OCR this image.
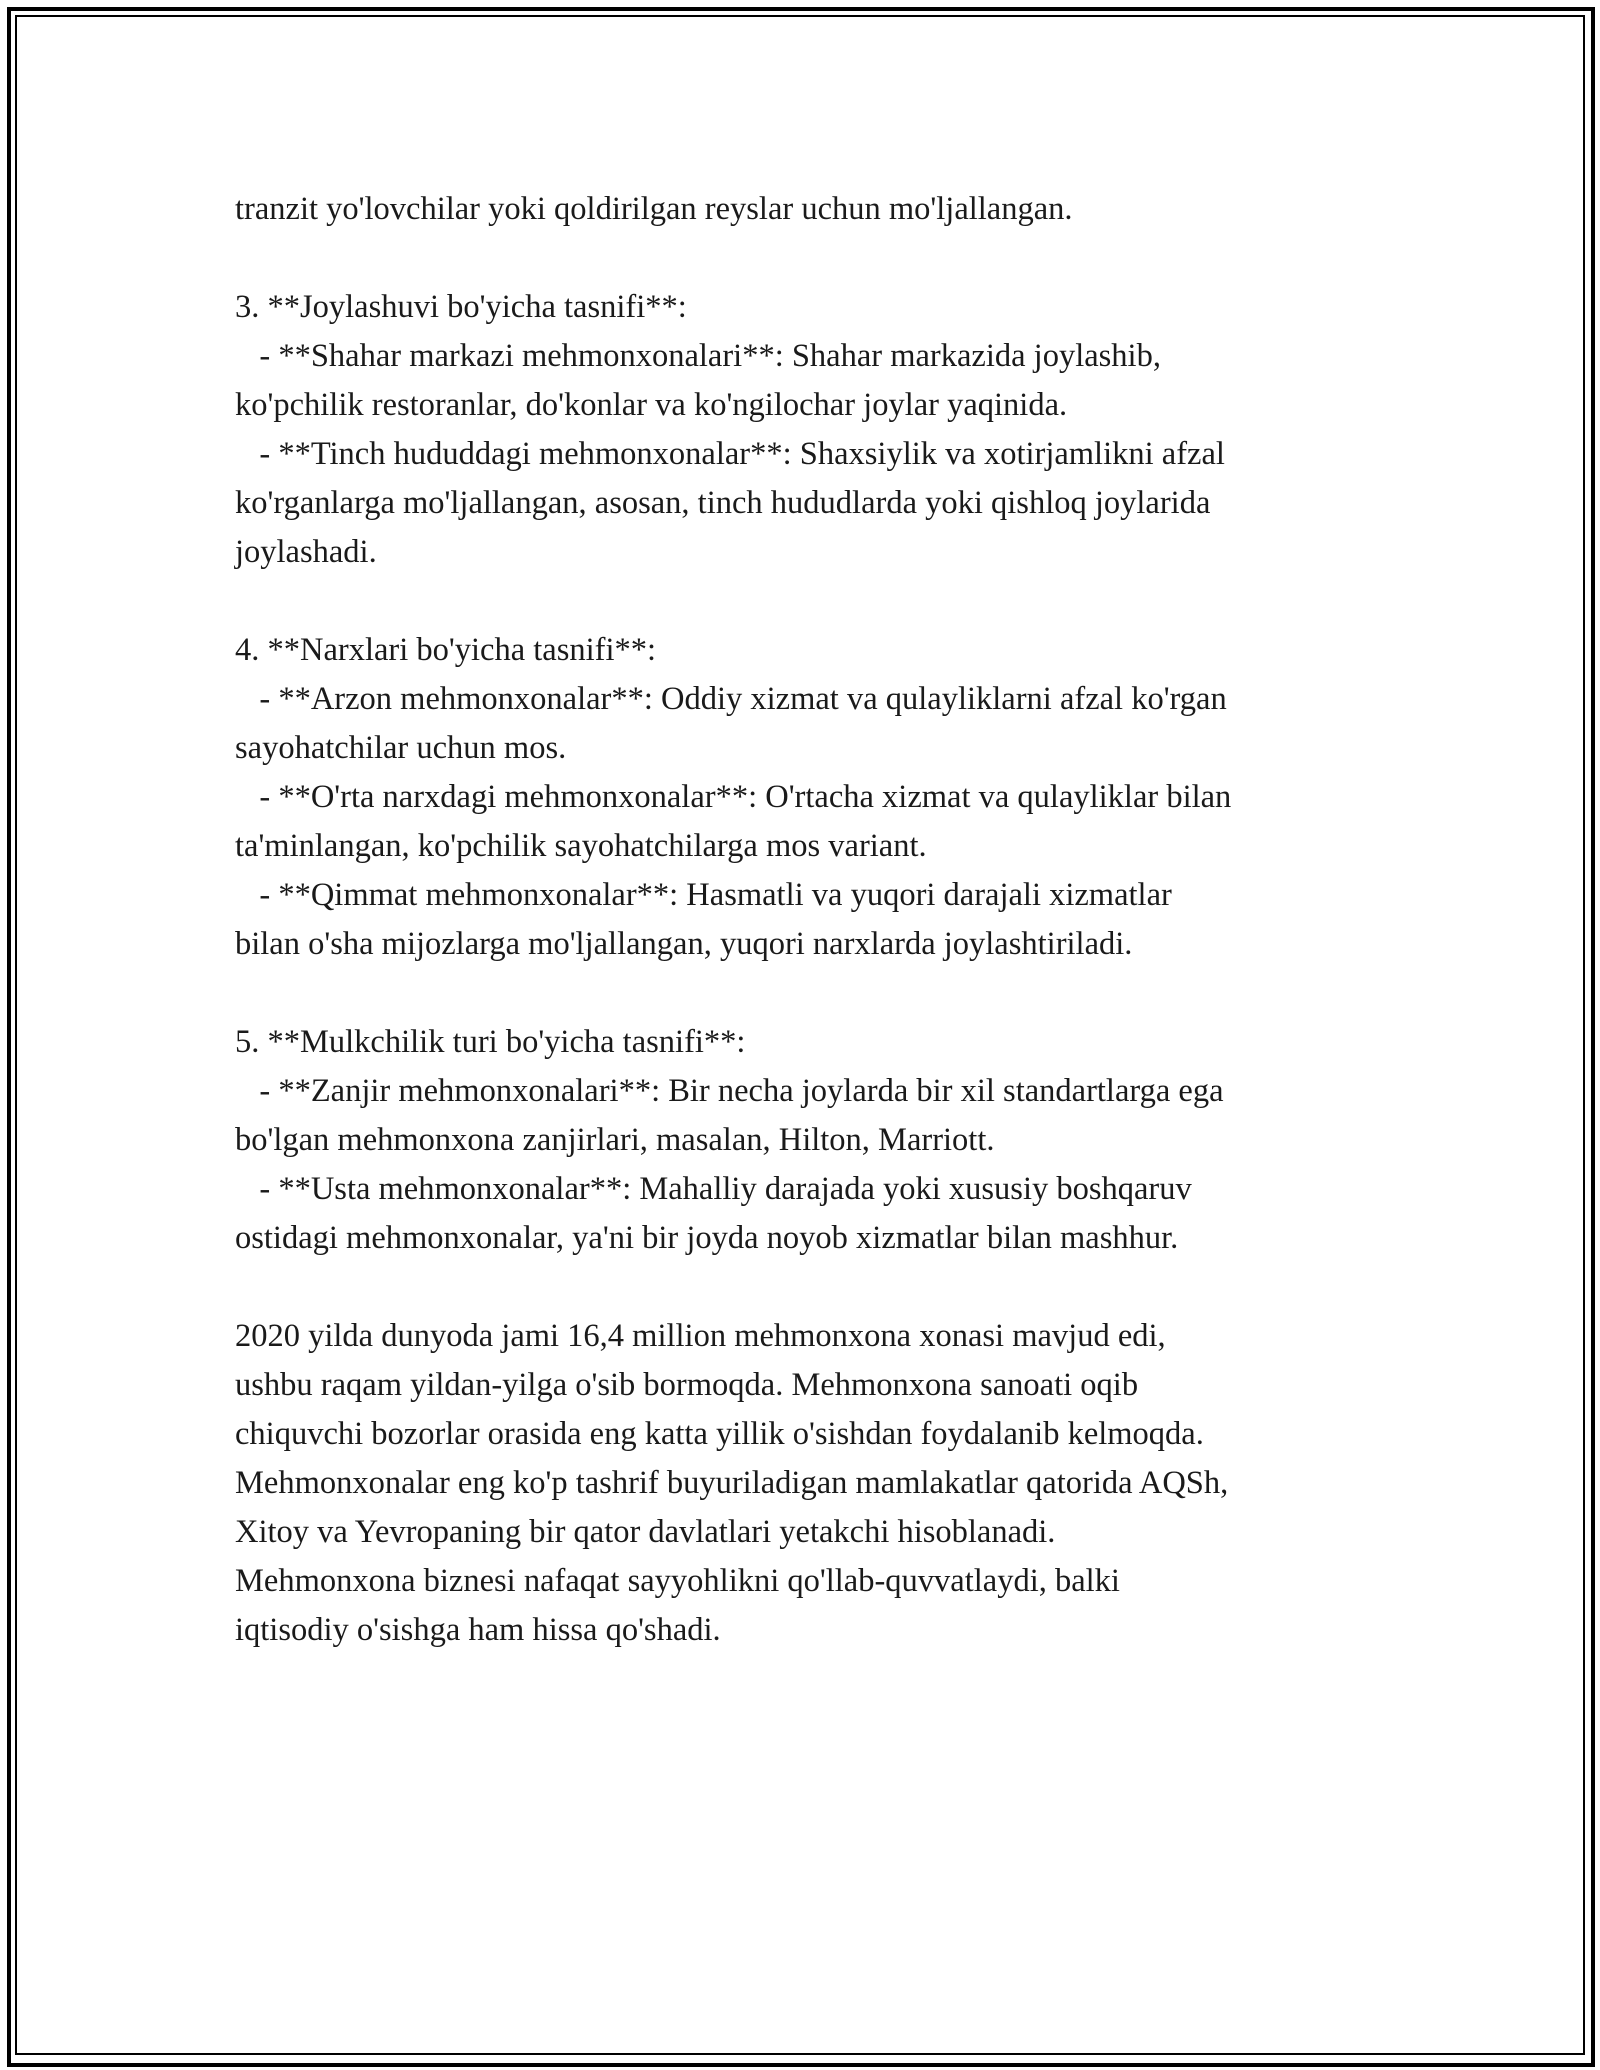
tranzit yo'lovchilar yoki qoldirilgan reyslar uchun mo'ljallangan.
3. **Joylashuvi bo'yicha tasnifi**:
- **Shahar markazi mehmonxonalari**: Shahar markazida joylashib,
ko'pchilik restoranlar, do'konlar va ko'ngilochar joylar yaqinida.
- **Tinch hududdagi mehmonxonalar**: Shaxsiylik va xotirjamlikni afzal
ko'rganlarga mo'ljallangan, asosan, tinch hududlarda yoki qishloq joylarida
joylashadi.
4. **Narxlari bo'yicha tasnifi**:
- **Arzon mehmonxonalar**: Oddiy xizmat va qulayliklarni afzal ko'rgan
sayohatchilar uchun mos.
- **O'rta narxdagi mehmonxonalar**: O'rtacha xizmat va qulayliklar bilan
ta'minlangan, ko'pchilik sayohatchilarga mos variant.
- **Qimmat mehmonxonalar**: Hasmatli va yuqori darajali xizmatlar
bilan o'sha mijozlarga mo'ljallangan, yuqori narxlarda joylashtiriladi.
5. **Mulkchilik turi bo'yicha tasnifi**:
- **Zanjir mehmonxonalari**: Bir necha joylarda bir xil standartlarga ega
bo'lgan mehmonxona zanjirlari, masalan, Hilton, Marriott.
- **Usta mehmonxonalar**: Mahalliy darajada yoki xususiy boshqaruv
ostidagi mehmonxonalar, ya'ni bir joyda noyob xizmatlar bilan mashhur.
2020 yilda dunyoda jami 16,4 million mehmonxona xonasi mavjud edi,
ushbu raqam yildan-yilga o'sib bormoqda. Mehmonxona sanoati oqib
chiquvchi bozorlar orasida eng katta yillik o'sishdan foydalanib kelmoqda.
Mehmonxonalar eng ko'p tashrif buyuriladigan mamlakatlar qatorida AQSh,
Xitoy va Yevropaning bir qator davlatlari yetakchi hisoblanadi.
Mehmonxona biznesi nafaqat sayyohlikni qo'llab-quvvatlaydi, balki
iqtisodiy o'sishga ham hissa qo'shadi.
